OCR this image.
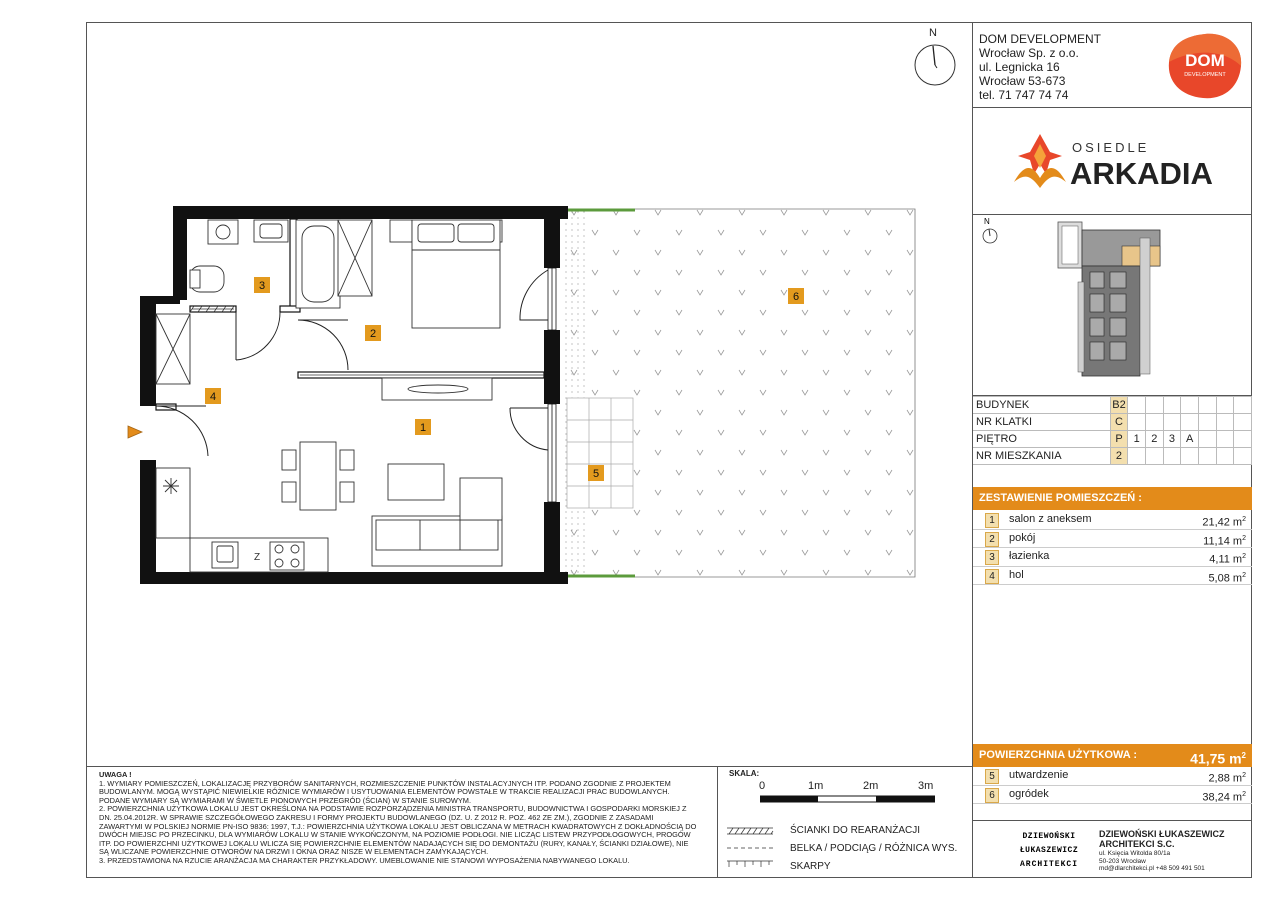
DOM DEVELOPMENT
Wrocław Sp. z o.o.
ul. Legnicka 16
Wrocław 53-673
tel. 71 747 74 74
DOM
DEVELOPMENT
OSIEDLE
ARKADIA
N
BUDYNEK	B2							
NR KLATKI	C							
PIĘTRO	P	1	2	3	A			
NR MIESZKANIA	2							
ZESTAWIENIE POMIESZCZEŃ :
1	salon z aneksem	21,42 $m^2$
2	pokój	11,14 $m^2$
3	łazienka	4,11 $m^2$
4	hol	5,08 $m^2$
POWIERZCHNIA UŻYTKOWA :	41,75 $m^2$
5	utwardzenie	2,88 $m^2$
6	ogródek	38,24 $m^2$
DZIEWOŃSKI
ŁUKASZEWICZ
ARCHITEKCI
DZIEWOŃSKI ŁUKASZEWICZ
ARCHITEKCI S.C.
ul. Księcia Witolda 80/1a
50-203 Wrocław
md@dlarchitekci.pl +48 509 491 501
UWAGA !
1. WYMIARY POMIESZCZEŃ, LOKALIZACJĘ PRZYBORÓW SANITARNYCH, ROZMIESZCZENIE PUNKTÓW INSTALACYJNYCH ITP. PODANO ZGODNIE Z PROJEKTEM BUDOWLANYM. MOGĄ WYSTĄPIĆ NIEWIELKIE RÓŻNICE WYMIARÓW I USYTUOWANIA ELEMENTÓW POWSTAŁE W TRAKCIE REALIZACJI PRAC BUDOWLANYCH. PODANE WYMIARY SĄ WYMIARAMI W ŚWIETLE PIONOWYCH PRZEGRÓD (ŚCIAN) W STANIE SUROWYM.
2. POWIERZCHNIA UŻYTKOWA LOKALU JEST OKREŚLONA NA PODSTAWIE ROZPORZĄDZENIA MINISTRA TRANSPORTU, BUDOWNICTWA I GOSPODARKI MORSKIEJ Z DN. 25.04.2012R. W SPRAWIE SZCZEGÓŁOWEGO ZAKRESU I FORMY PROJEKTU BUDOWLANEGO (DZ. U. Z 2012 R. POZ. 462 ZE ZM.), ZGODNIE Z ZASADAMI ZAWARTYMI W POLSKIEJ NORMIE PN-ISO 9836: 1997, T.J.: POWIERZCHNIA UŻYTKOWA LOKALU JEST OBLICZANA W METRACH KWADRATOWYCH Z DOKŁADNOŚCIĄ DO DWÓCH MIEJSC PO PRZECINKU, DLA WYMIARÓW LOKALU W STANIE WYKOŃCZONYM, NA POZIOMIE PODŁOGI. NIE LICZĄC LISTEW PRZYPODŁOGOWYCH, PROGÓW ITP. DO POWIERZCHNI UŻYTKOWEJ LOKALU WLICZA SIĘ POWIERZCHNIE ELEMENTÓW NADAJĄCYCH SIĘ DO DEMONTAŻU (RURY, KANAŁY, ŚCIANKI DZIAŁOWE), NIE SĄ WLICZANE POWIERZCHNIE OTWORÓW NA DRZWI I OKNA ORAZ NISZE W ELEMENTACH ZAMYKAJĄCYCH.
3. PRZEDSTAWIONA NA RZUCIE ARANŻACJA MA CHARAKTER PRZYKŁADOWY. UMEBLOWANIE NIE STANOWI WYPOSAŻENIA NABYWANEGO LOKALU.
SKALA:
0	1m	2m	3m
ŚCIANKI DO REARANŻACJI
BELKA / PODCIĄG / RÓŻNICA WYS.
SKARPY
N
Z
3
2
4
1
5
6
